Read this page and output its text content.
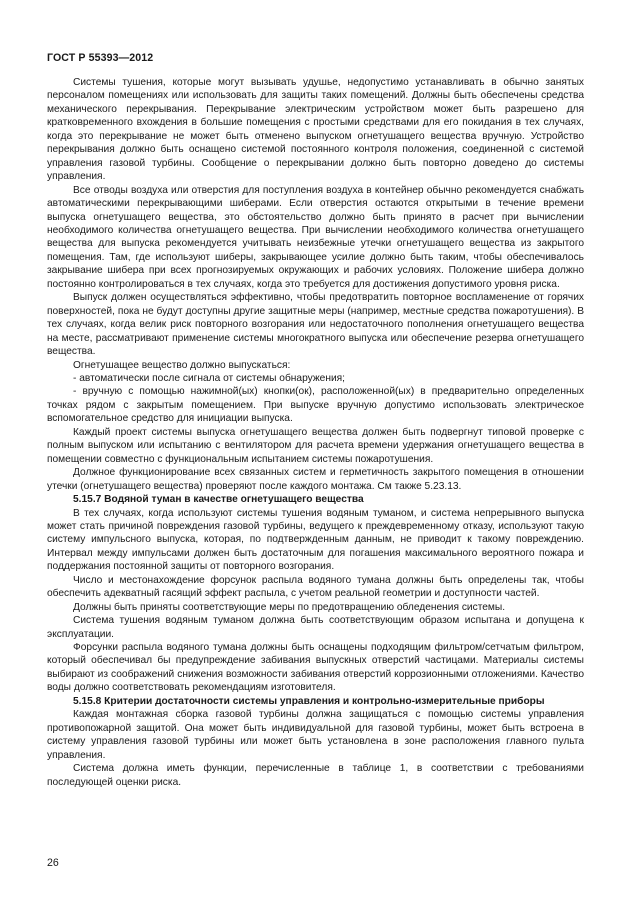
ГОСТ Р 55393—2012

Системы тушения, которые могут вызывать удушье, недопустимо устанавливать в обычно занятых персоналом помещениях или использовать для защиты таких помещений. Должны быть обеспечены средства механического перекрывания. Перекрывание электрическим устройством может быть разрешено для кратковременного вхождения в большие помещения с простыми средствами для его покидания в тех случаях, когда это перекрывание не может быть отменено выпуском огнетушащего вещества вручную. Устройство перекрывания должно быть оснащено системой постоянного контроля положения, соединенной с системой управления газовой турбины. Сообщение о перекрывании должно быть повторно доведено до системы управления.

Все отводы воздуха или отверстия для поступления воздуха в контейнер обычно рекомендуется снабжать автоматическими перекрывающими шиберами. Если отверстия остаются открытыми в течение времени выпуска огнетушащего вещества, это обстоятельство должно быть принято в расчет при вычислении необходимого количества огнетушащего вещества. При вычислении необходимого количества огнетушащего вещества для выпуска рекомендуется учитывать неизбежные утечки огнетушащего вещества из закрытого помещения. Там, где используют шиберы, закрывающее усилие должно быть таким, чтобы обеспечивалось закрывание шибера при всех прогнозируемых окружающих и рабочих условиях. Положение шибера должно постоянно контролироваться в тех случаях, когда это требуется для достижения допустимого уровня риска.

Выпуск должен осуществляться эффективно, чтобы предотвратить повторное воспламенение от горячих поверхностей, пока не будут доступны другие защитные меры (например, местные средства пожаротушения). В тех случаях, когда велик риск повторного возгорания или недостаточного пополнения огнетушащего вещества на месте, рассматривают применение системы многократного выпуска или обеспечение резерва огнетушащего вещества.

Огнетушащее вещество должно выпускаться:

- автоматически после сигнала от системы обнаружения;

- вручную с помощью нажимной(ых) кнопки(ок), расположенной(ых) в предварительно определенных точках рядом с закрытым помещением. При выпуске вручную допустимо использовать электрическое вспомогательное средство для инициации выпуска.

Каждый проект системы выпуска огнетушащего вещества должен быть подвергнут типовой проверке с полным выпуском или испытанию с вентилятором для расчета времени удержания огнетушащего вещества в помещении совместно с функциональным испытанием системы пожаротушения.

Должное функционирование всех связанных систем и герметичность закрытого помещения в отношении утечки (огнетушащего вещества) проверяют после каждого монтажа. См также 5.23.13.

5.15.7 Водяной туман в качестве огнетушащего вещества

В тех случаях, когда используют системы тушения водяным туманом, и система непрерывного выпуска может стать причиной повреждения газовой турбины, ведущего к преждевременному отказу, используют такую систему импульсного выпуска, которая, по подтвержденным данным, не приводит к такому повреждению. Интервал между импульсами должен быть достаточным для погашения максимального вероятного пожара и поддержания постоянной защиты от повторного возгорания.

Число и местонахождение форсунок распыла водяного тумана должны быть определены так, чтобы обеспечить адекватный гасящий эффект распыла, с учетом реальной геометрии и доступности частей.

Должны быть приняты соответствующие меры по предотвращению обледенения системы.

Система тушения водяным туманом должна быть соответствующим образом испытана и допущена к эксплуатации.

Форсунки распыла водяного тумана должны быть оснащены подходящим фильтром/сетчатым фильтром, который обеспечивал бы предупреждение забивания выпускных отверстий частицами. Материалы системы выбирают из соображений снижения возможности забивания отверстий коррозионными отложениями. Качество воды должно соответствовать рекомендациям изготовителя.

5.15.8 Критерии достаточности системы управления и контрольно-измерительные приборы

Каждая монтажная сборка газовой турбины должна защищаться с помощью системы управления противопожарной защитой. Она может быть индивидуальной для газовой турбины, может быть встроена в систему управления газовой турбины или может быть установлена в зоне расположения главного пульта управления.

Система должна иметь функции, перечисленные в таблице 1, в соответствии с требованиями последующей оценки риска.

26
